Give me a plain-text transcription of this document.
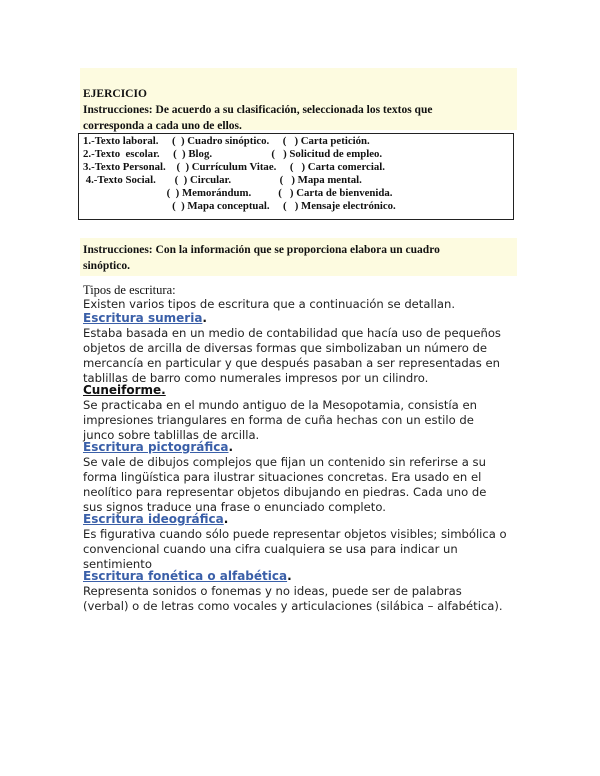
EJERCICIO
Instrucciones: De acuerdo a su clasificación, seleccionada los textos que
corresponda a cada uno de ellos.
1.-Texto laboral.     (  ) Cuadro sinóptico.     (   ) Carta petición.
2.-Texto  escolar.     (  ) Blog.                      (   ) Solicitud de empleo.
3.-Texto Personal.    (  ) Currículum Vitae.     (   ) Carta comercial.
4.-Texto Social.       (  ) Circular.                  (   ) Mapa mental.
(  ) Memorándum.          (   ) Carta de bienvenida.
(  ) Mapa conceptual.     (   ) Mensaje electrónico.
Instrucciones: Con la información que se proporciona elabora un cuadro
sinóptico.
Tipos de escritura:
Existen varios tipos de escritura que a continuación se detallan.
Escritura sumeria.
Estaba basada en un medio de contabilidad que hacía uso de pequeños
objetos de arcilla de diversas formas que simbolizaban un número de
mercancía en particular y que después pasaban a ser representadas en
tablillas de barro como numerales impresos por un cilindro.
Cuneiforme.
Se practicaba en el mundo antiguo de la Mesopotamia, consistía en
impresiones triangulares en forma de cuña hechas con un estilo de
junco sobre tablillas de arcilla.
Escritura pictográfica.
Se vale de dibujos complejos que fijan un contenido sin referirse a su
forma lingüística para ilustrar situaciones concretas. Era usado en el
neolítico para representar objetos dibujando en piedras. Cada uno de
sus signos traduce una frase o enunciado completo.
Escritura ideográfica.
Es figurativa cuando sólo puede representar objetos visibles; simbólica o
convencional cuando una cifra cualquiera se usa para indicar un
sentimiento
Escritura fonética o alfabética.
Representa sonidos o fonemas y no ideas, puede ser de palabras
(verbal) o de letras como vocales y articulaciones (silábica – alfabética).
